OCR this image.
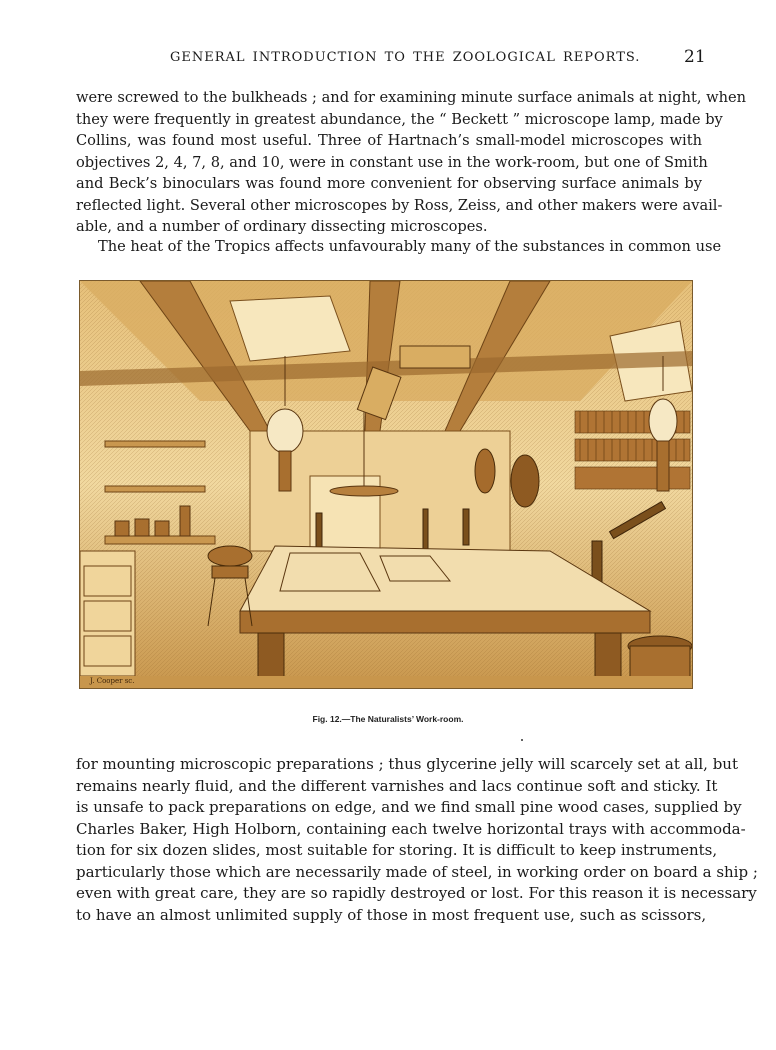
GENERAL INTRODUCTION TO THE ZOOLOGICAL REPORTS.	21
were screwed to the bulkheads ; and for examining minute surface animals at night, when
they were frequently in greatest abundance, the “ Beckett ” microscope lamp, made by
Collins, was found most useful. Three of Hartnach’s small-model microscopes with
objectives 2, 4, 7, 8, and 10, were in constant use in the work-room, but one of Smith
and Beck’s binoculars was found more convenient for observing surface animals by
reflected light. Several other microscopes by Ross, Zeiss, and other makers were avail-
able, and a number of ordinary dissecting microscopes.
The heat of the Tropics affects unfavourably many of the substances in common use
J. Cooper sc.
Fig. 12.—The Naturalists’ Work-room.
for mounting microscopic preparations ; thus glycerine jelly will scarcely set at all, but
remains nearly fluid, and the different varnishes and lacs continue soft and sticky. It
is unsafe to pack preparations on edge, and we find small pine wood cases, supplied by
Charles Baker, High Holborn, containing each twelve horizontal trays with accommoda-
tion for six dozen slides, most suitable for storing. It is difficult to keep instruments,
particularly those which are necessarily made of steel, in working order on board a ship ;
even with great care, they are so rapidly destroyed or lost. For this reason it is necessary
to have an almost unlimited supply of those in most frequent use, such as scissors,
